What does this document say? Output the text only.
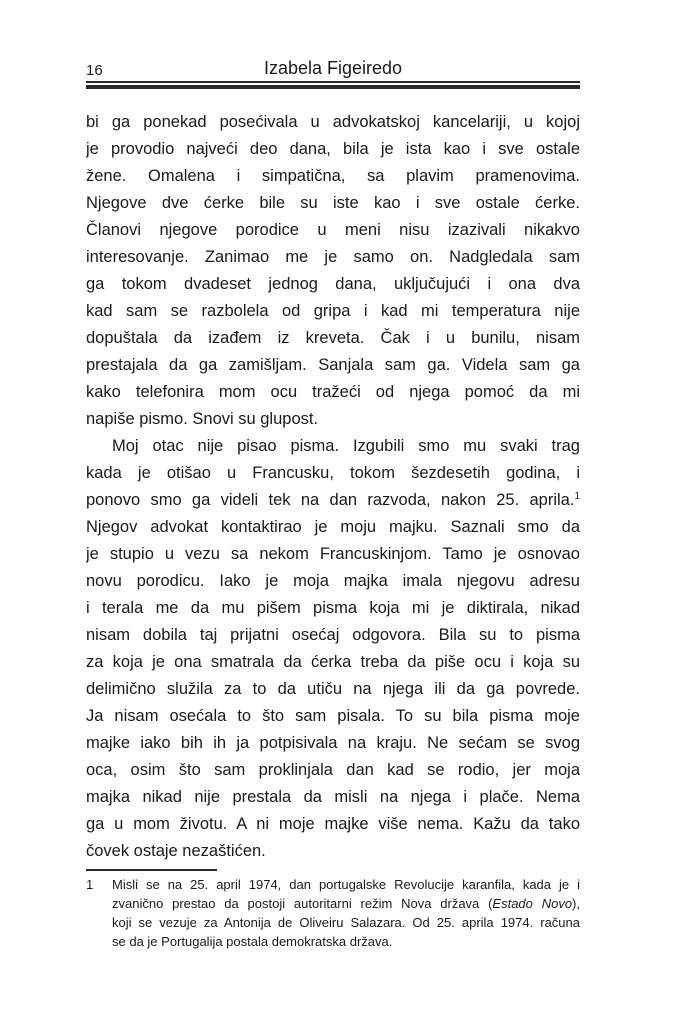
16	Izabela Figeiredo
bi ga ponekad posećivala u advokatskoj kancelariji, u kojoj
je provodio najveći deo dana, bila je ista kao i sve ostale
žene. Omalena i simpatična, sa plavim pramenovima.
Njegove dve ćerke bile su iste kao i sve ostale ćerke.
Članovi njegove porodice u meni nisu izazivali nikakvo
interesovanje. Zanimao me je samo on. Nadgledala sam
ga tokom dvadeset jednog dana, uključujući i ona dva
kad sam se razbolela od gripa i kad mi temperatura nije
dopuštala da izađem iz kreveta. Čak i u bunilu, nisam
prestajala da ga zamišljam. Sanjala sam ga. Videla sam ga
kako telefonira mom ocu tražeći od njega pomoć da mi
napiše pismo. Snovi su glupost.
Moj otac nije pisao pisma. Izgubili smo mu svaki trag
kada je otišao u Francusku, tokom šezdesetih godina, i
ponovo smo ga videli tek na dan razvoda, nakon 25. aprila.$^1$
Njegov advokat kontaktirao je moju majku. Saznali smo da
je stupio u vezu sa nekom Francuskinjom. Tamo je osnovao
novu porodicu. Iako je moja majka imala njegovu adresu
i terala me da mu pišem pisma koja mi je diktirala, nikad
nisam dobila taj prijatni osećaj odgovora. Bila su to pisma
za koja je ona smatrala da ćerka treba da piše ocu i koja su
delimično služila za to da utiču na njega ili da ga povrede.
Ja nisam osećala to što sam pisala. To su bila pisma moje
majke iako bih ih ja potpisivala na kraju. Ne sećam se svog
oca, osim što sam proklinjala dan kad se rodio, jer moja
majka nikad nije prestala da misli na njega i plače. Nema
ga u mom životu. A ni moje majke više nema. Kažu da tako
čovek ostaje nezaštićen.
1 Misli se na 25. april 1974, dan portugalske Revolucije karanfila, kada je i
zvanično prestao da postoji autoritarni režim Nova država (Estado Novo),
koji se vezuje za Antonija de Oliveiru Salazara. Od 25. aprila 1974. računa
se da je Portugalija postala demokratska država.
